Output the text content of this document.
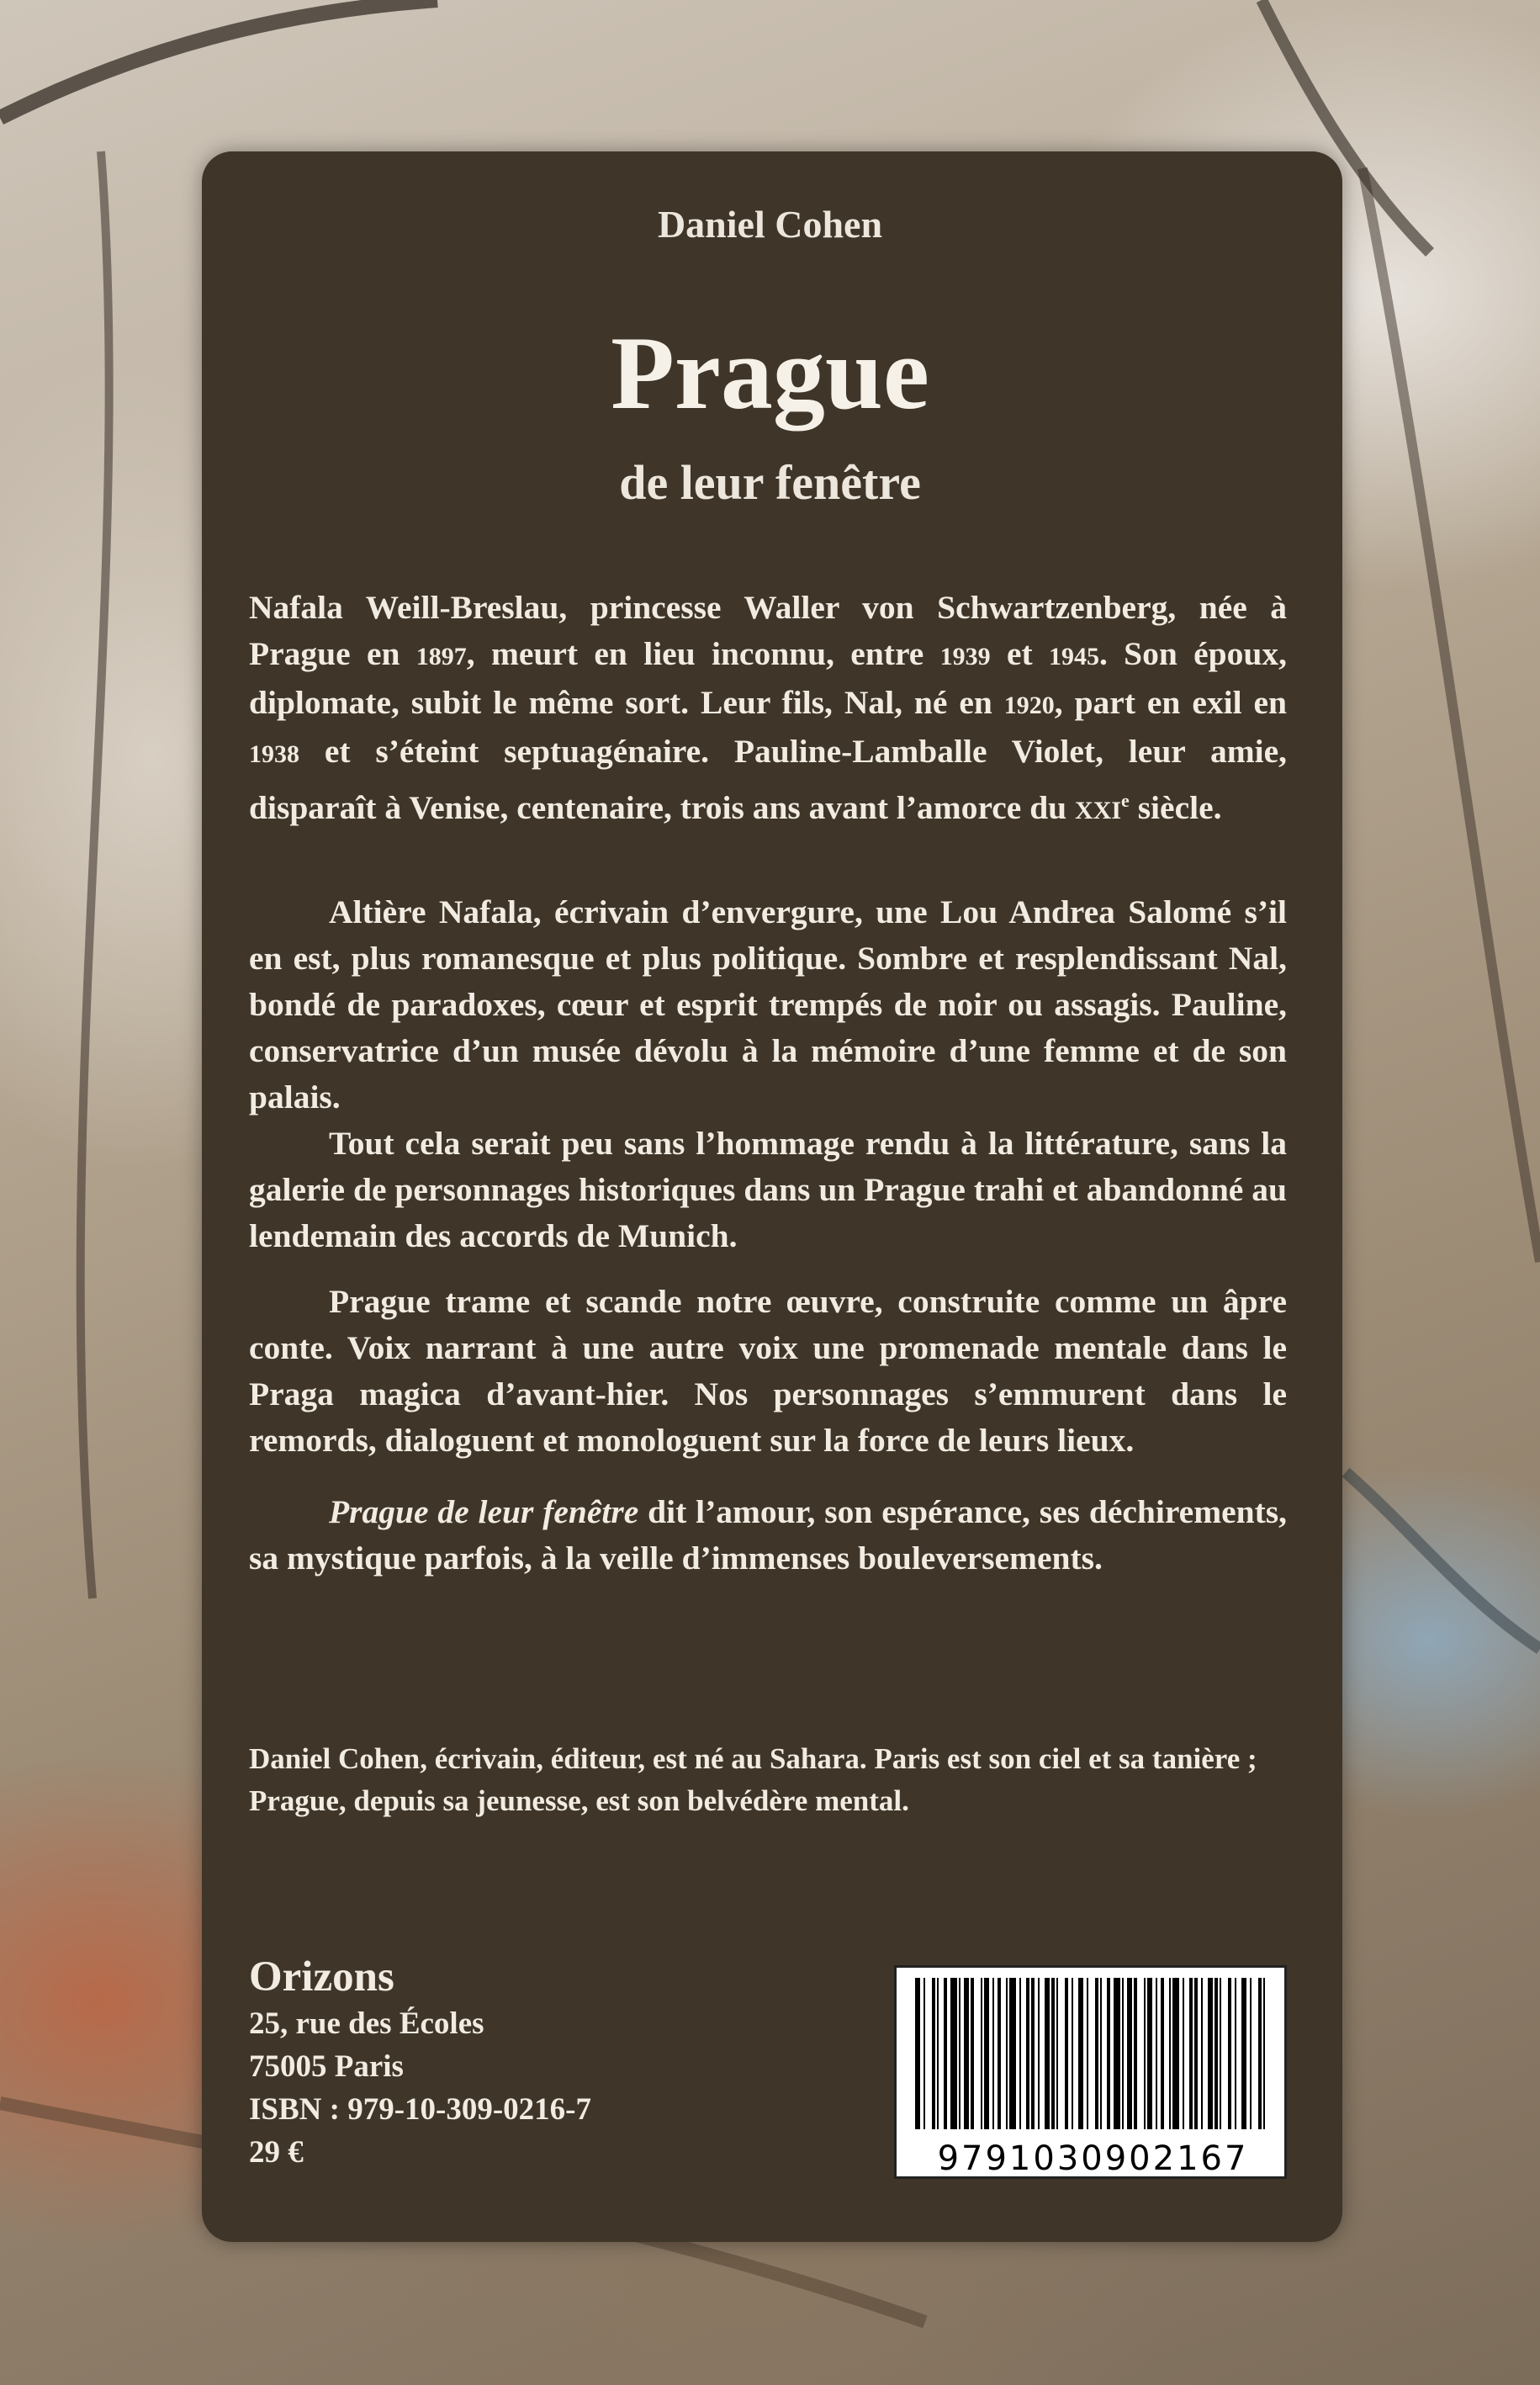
Daniel Cohen
Prague
de leur fenêtre

Nafala Weill-Breslau, princesse Waller von Schwartzenberg, née à Prague en 1897, meurt en lieu inconnu, entre 1939 et 1945. Son époux, diplomate, subit le même sort. Leur fils, Nal, né en 1920, part en exil en 1938 et s’éteint septuagénaire. Pauline-Lamballe Violet, leur amie, disparaît à Venise, centenaire, trois ans avant l’amorce du XXIe siècle.

Altière Nafala, écrivain d’envergure, une Lou Andrea Salomé s’il en est, plus romanesque et plus politique. Sombre et resplendissant Nal, bondé de paradoxes, cœur et esprit trempés de noir ou assagis. Pauline, conservatrice d’un musée dévolu à la mémoire d’une femme et de son palais.

Tout cela serait peu sans l’hommage rendu à la littérature, sans la galerie de personnages historiques dans un Prague trahi et abandonné au lendemain des accords de Munich.

Prague trame et scande notre œuvre, construite comme un âpre conte. Voix narrant à une autre voix une promenade mentale dans le Praga magica d’avant-hier. Nos personnages s’emmurent dans le remords, dialoguent et monologuent sur la force de leurs lieux.

Prague de leur fenêtre dit l’amour, son espérance, ses déchirements, sa mystique parfois, à la veille d’immenses bouleversements.

Daniel Cohen, écrivain, éditeur, est né au Sahara. Paris est son ciel et sa tanière ; Prague, depuis sa jeunesse, est son belvédère mental.
Orizons
25, rue des Écoles
75005 Paris
ISBN : 979-10-309-0216-7
29 €	9791030902167
